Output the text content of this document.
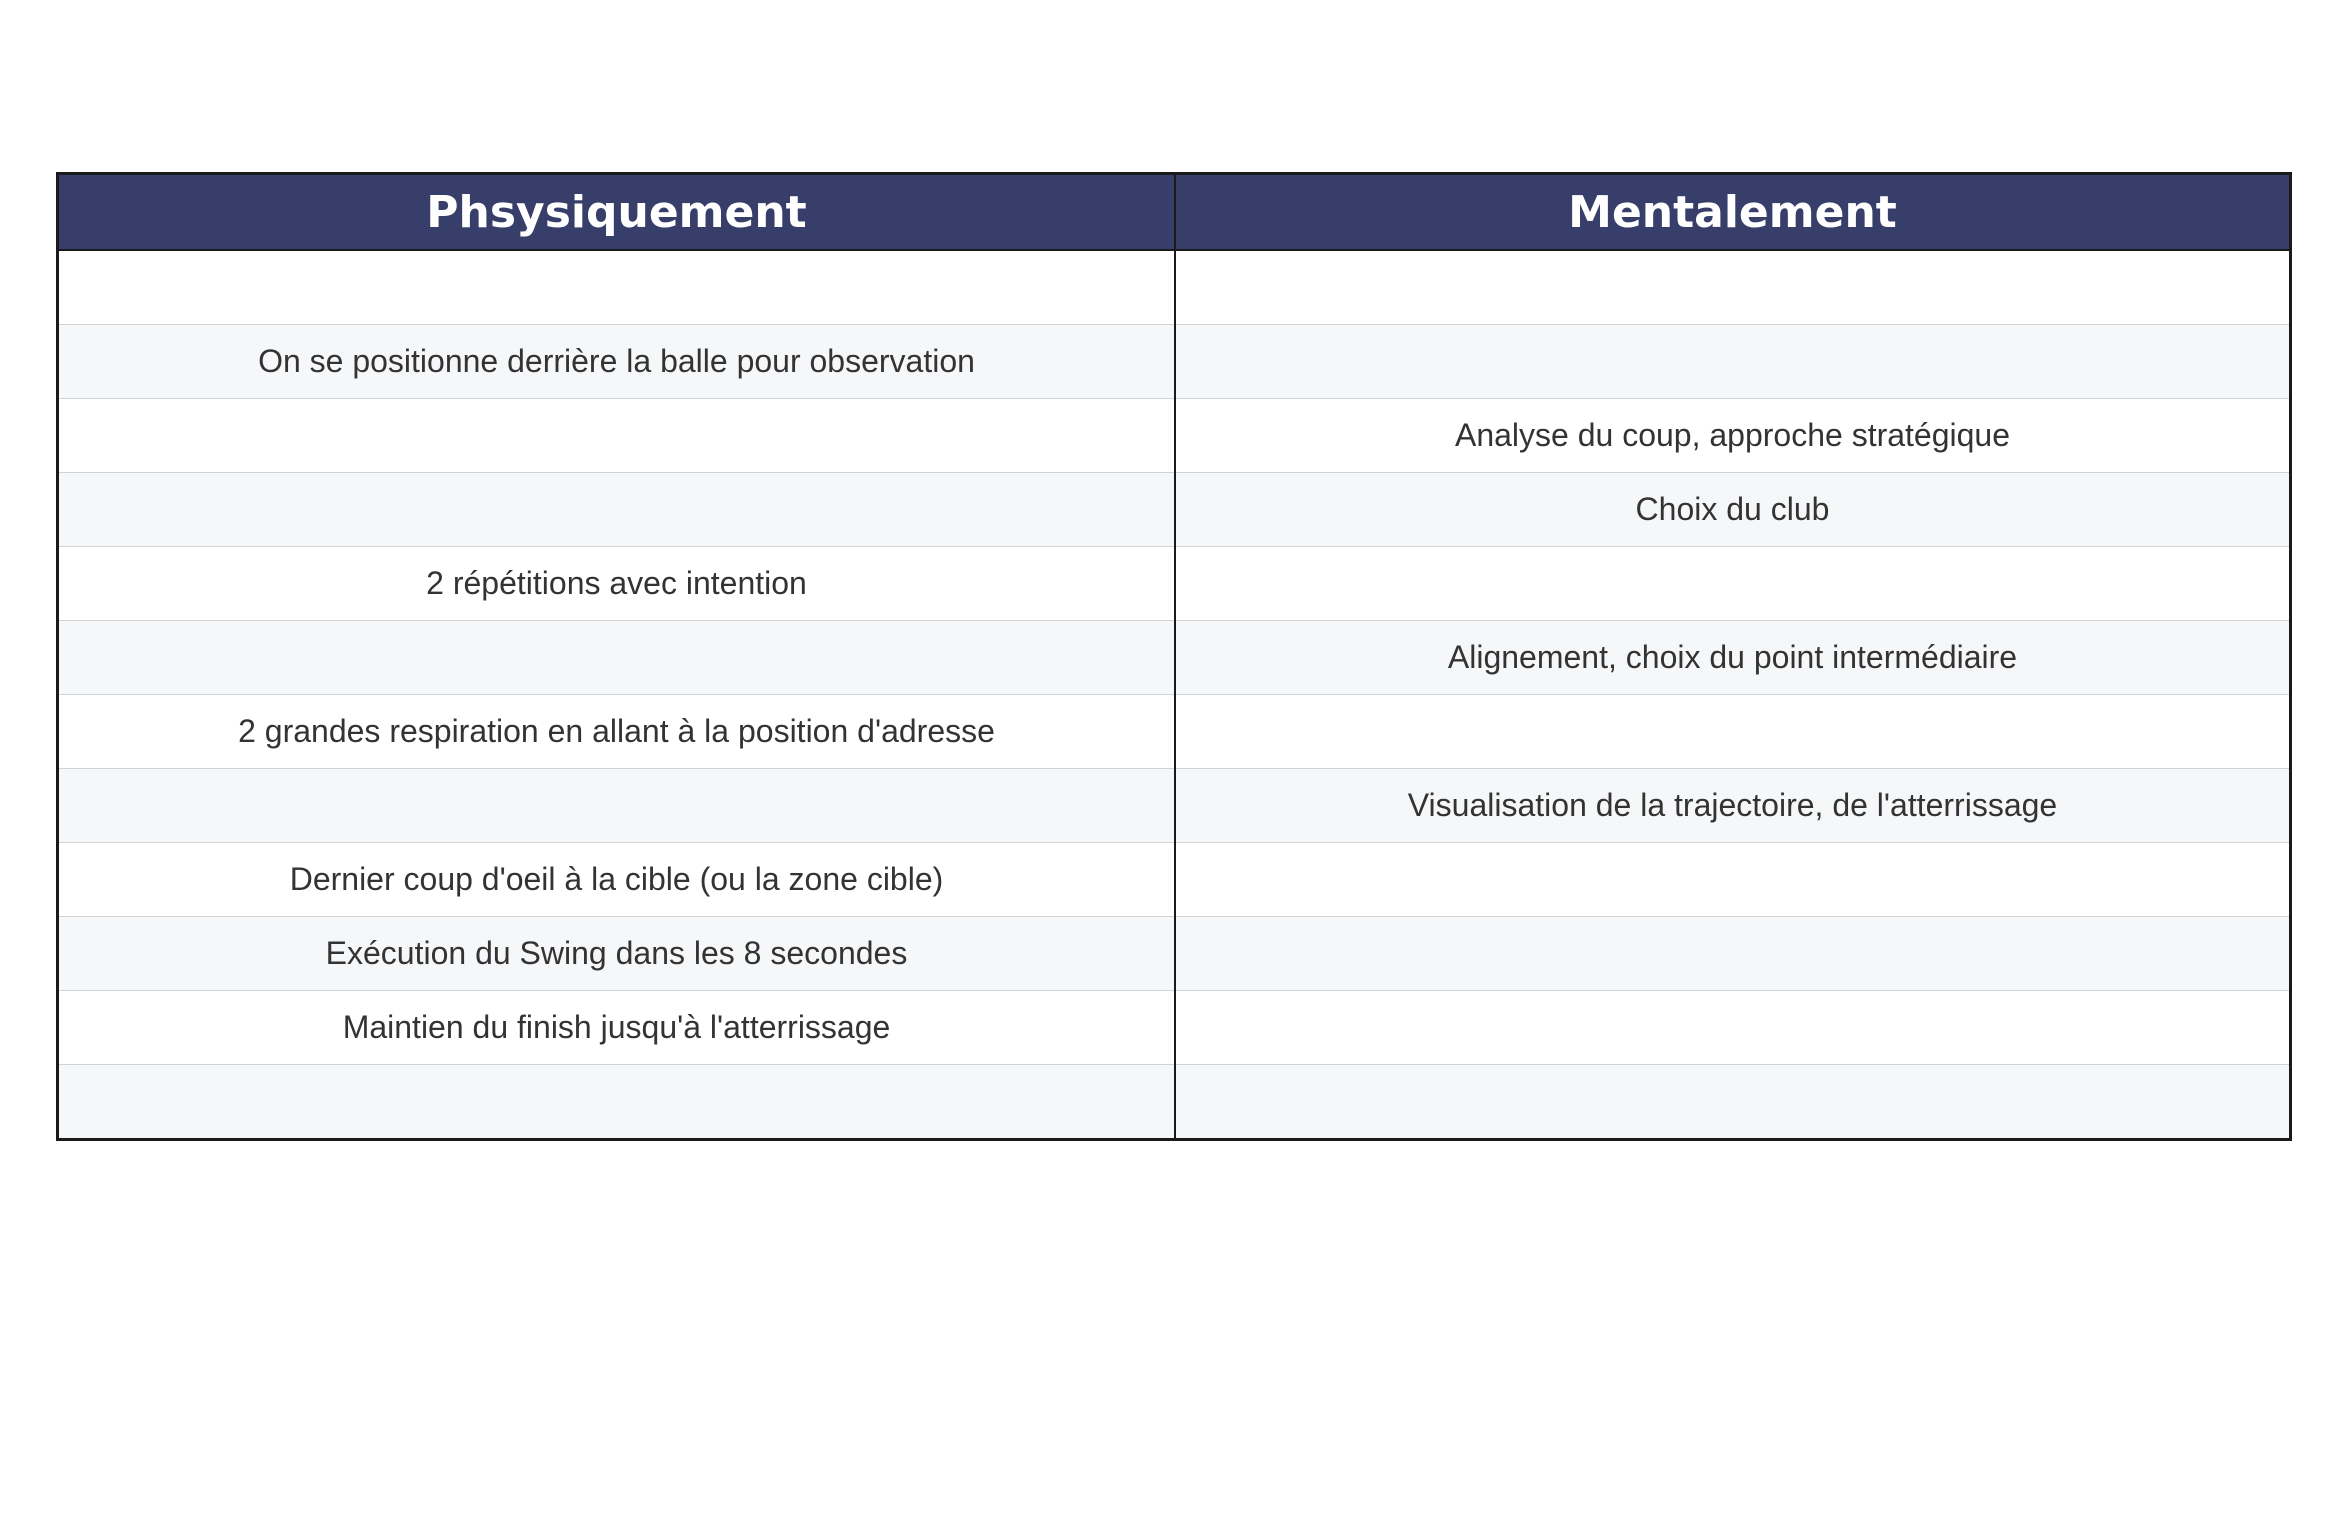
Phsysiquement	Mentalement

On se positionne derrière la balle pour observation	
	Analyse du coup, approche stratégique
	Choix du club
2 répétitions avec intention	
	Alignement, choix du point intermédiaire
2 grandes respiration en allant à la position d'adresse	
	Visualisation de la trajectoire, de l'atterrissage
Dernier coup d'oeil à la cible (ou la zone cible)	
Exécution du Swing dans les 8 secondes	
Maintien du finish jusqu'à l'atterrissage	
